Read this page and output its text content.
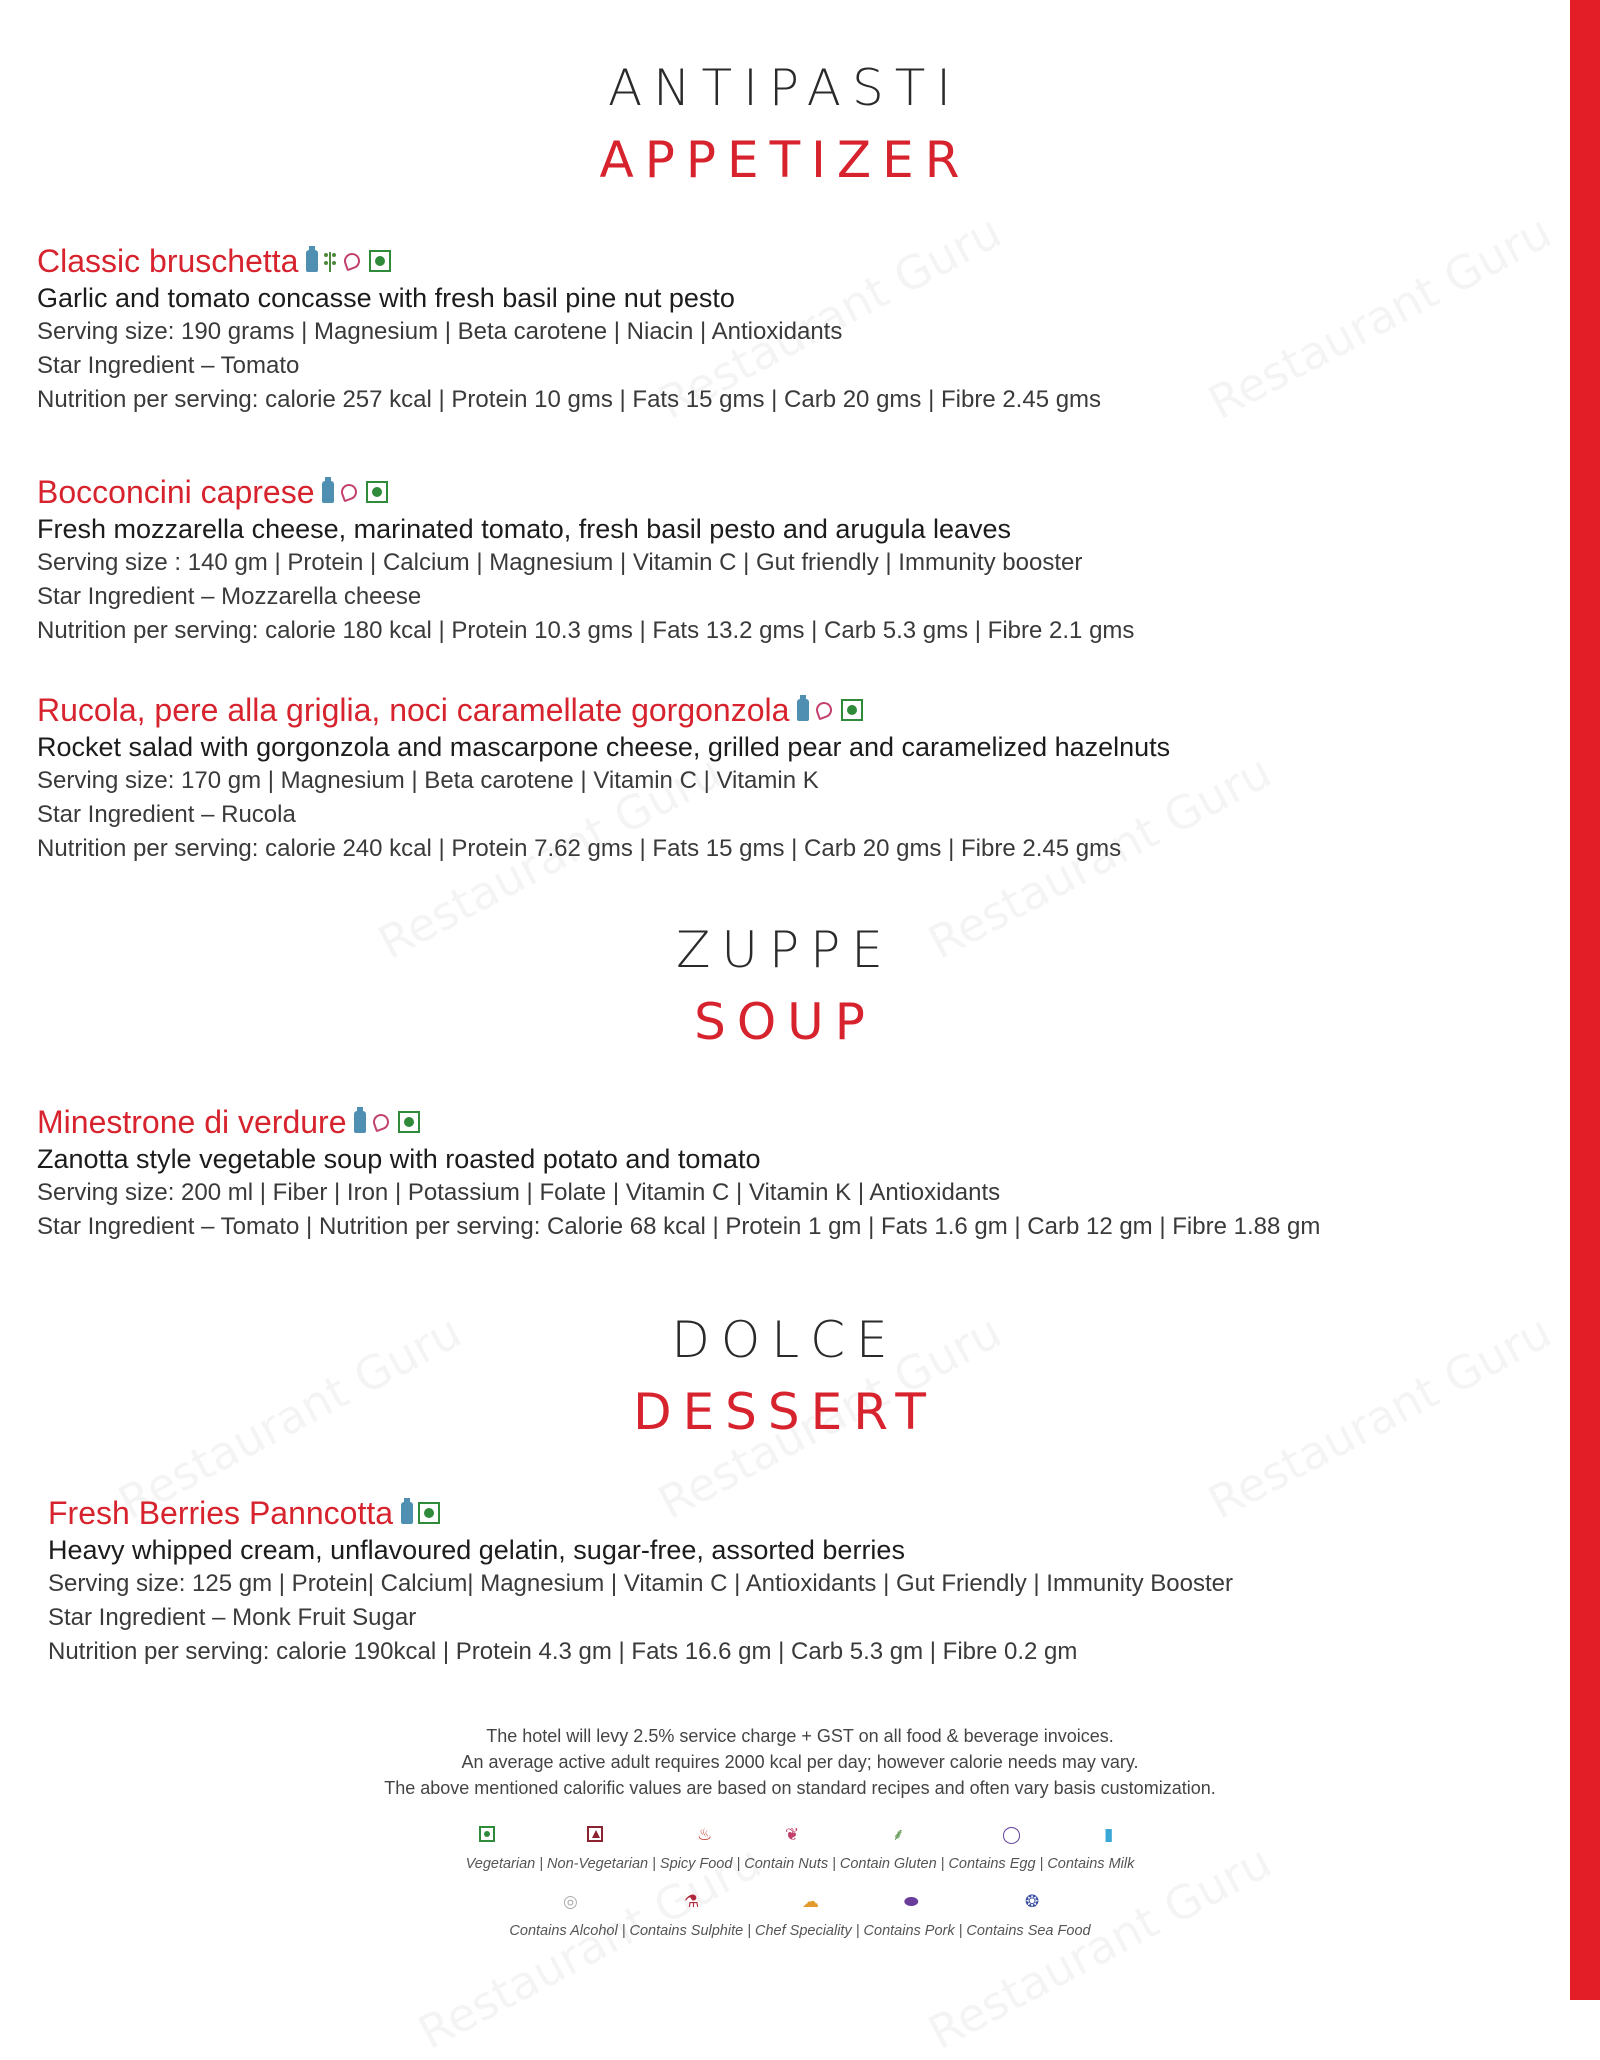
ANTIPASTI
APPETIZER
Classic bruschetta
Garlic and tomato concasse with fresh basil pine nut pesto
Serving size: 190 grams | Magnesium | Beta carotene | Niacin | Antioxidants
Star Ingredient – Tomato
Nutrition per serving: calorie 257 kcal | Protein 10 gms | Fats 15 gms | Carb 20 gms | Fibre 2.45 gms
Bocconcini caprese
Fresh mozzarella cheese, marinated tomato, fresh basil pesto and arugula leaves
Serving size : 140 gm | Protein | Calcium | Magnesium | Vitamin C | Gut friendly | Immunity booster
Star Ingredient – Mozzarella cheese
Nutrition per serving: calorie 180 kcal | Protein 10.3 gms | Fats 13.2 gms | Carb 5.3 gms | Fibre 2.1 gms
Rucola, pere alla griglia, noci caramellate gorgonzola
Rocket salad with gorgonzola and mascarpone cheese, grilled pear and caramelized hazelnuts
Serving size: 170 gm | Magnesium | Beta carotene | Vitamin C | Vitamin K
Star Ingredient – Rucola
Nutrition per serving: calorie 240 kcal | Protein 7.62 gms | Fats 15 gms | Carb 20 gms | Fibre 2.45 gms
ZUPPE
SOUP
Minestrone di verdure
Zanotta style vegetable soup with roasted potato and tomato
Serving size: 200 ml | Fiber | Iron | Potassium | Folate | Vitamin C | Vitamin K | Antioxidants
Star Ingredient – Tomato | Nutrition per serving: Calorie 68 kcal | Protein 1 gm | Fats 1.6 gm | Carb 12 gm | Fibre 1.88 gm
DOLCE
DESSERT
Fresh Berries Panncotta
Heavy whipped cream, unflavoured gelatin, sugar-free, assorted berries
Serving size: 125 gm | Protein| Calcium| Magnesium | Vitamin C | Antioxidants | Gut Friendly | Immunity Booster
Star Ingredient – Monk Fruit Sugar
Nutrition per serving: calorie 190kcal | Protein 4.3 gm | Fats 16.6 gm | Carb 5.3 gm | Fibre 0.2 gm
The hotel will levy 2.5% service charge + GST on all food & beverage invoices.
An average active adult requires 2000 kcal per day; however calorie needs may vary.
The above mentioned calorific values are based on standard recipes and often vary basis customization.
♨	❦	⸙	◯	▮
Vegetarian | Non-Vegetarian | Spicy Food | Contain Nuts | Contain Gluten | Contains Egg | Contains Milk
◎	⚗	☁	⬬	❂
Contains Alcohol | Contains Sulphite | Chef Speciality | Contains Pork | Contains Sea Food
